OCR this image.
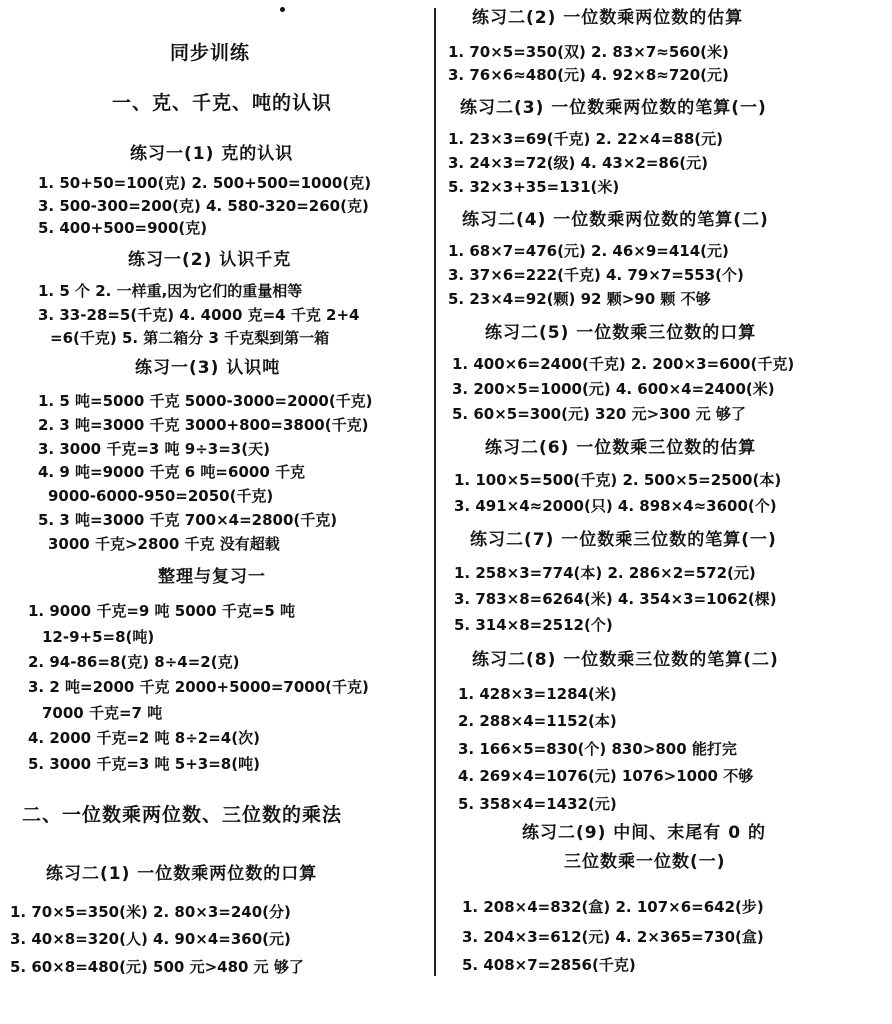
同步训练
一、克、千克、吨的认识
练习一(1) 克的认识
1. 50+50=100(克) 2. 500+500=1000(克)
3. 500-300=200(克) 4. 580-320=260(克)
5. 400+500=900(克)
练习一(2) 认识千克
1. 5 个 2. 一样重,因为它们的重量相等
3. 33-28=5(千克) 4. 4000 克=4 千克 2+4
=6(千克) 5. 第二箱分 3 千克梨到第一箱
练习一(3) 认识吨
1. 5 吨=5000 千克 5000-3000=2000(千克)
2. 3 吨=3000 千克 3000+800=3800(千克)
3. 3000 千克=3 吨 9÷3=3(天)
4. 9 吨=9000 千克 6 吨=6000 千克
9000-6000-950=2050(千克)
5. 3 吨=3000 千克 700×4=2800(千克)
3000 千克>2800 千克 没有超载
整理与复习一
1. 9000 千克=9 吨 5000 千克=5 吨
12-9+5=8(吨)
2. 94-86=8(克) 8÷4=2(克)
3. 2 吨=2000 千克 2000+5000=7000(千克)
7000 千克=7 吨
4. 2000 千克=2 吨 8÷2=4(次)
5. 3000 千克=3 吨 5+3=8(吨)
二、一位数乘两位数、三位数的乘法
练习二(1) 一位数乘两位数的口算
1. 70×5=350(米) 2. 80×3=240(分)
3. 40×8=320(人) 4. 90×4=360(元)
5. 60×8=480(元) 500 元>480 元 够了
练习二(2) 一位数乘两位数的估算
1. 70×5=350(双) 2. 83×7≈560(米)
3. 76×6≈480(元) 4. 92×8≈720(元)
练习二(3) 一位数乘两位数的笔算(一)
1. 23×3=69(千克) 2. 22×4=88(元)
3. 24×3=72(级) 4. 43×2=86(元)
5. 32×3+35=131(米)
练习二(4) 一位数乘两位数的笔算(二)
1. 68×7=476(元) 2. 46×9=414(元)
3. 37×6=222(千克) 4. 79×7=553(个)
5. 23×4=92(颗) 92 颗>90 颗 不够
练习二(5) 一位数乘三位数的口算
1. 400×6=2400(千克) 2. 200×3=600(千克)
3. 200×5=1000(元) 4. 600×4=2400(米)
5. 60×5=300(元) 320 元>300 元 够了
练习二(6) 一位数乘三位数的估算
1. 100×5=500(千克) 2. 500×5=2500(本)
3. 491×4≈2000(只) 4. 898×4≈3600(个)
练习二(7) 一位数乘三位数的笔算(一)
1. 258×3=774(本) 2. 286×2=572(元)
3. 783×8=6264(米) 4. 354×3=1062(棵)
5. 314×8=2512(个)
练习二(8) 一位数乘三位数的笔算(二)
1. 428×3=1284(米)
2. 288×4=1152(本)
3. 166×5=830(个) 830>800 能打完
4. 269×4=1076(元) 1076>1000 不够
5. 358×4=1432(元)
练习二(9) 中间、末尾有 0 的
三位数乘一位数(一)
1. 208×4=832(盒) 2. 107×6=642(步)
3. 204×3=612(元) 4. 2×365=730(盒)
5. 408×7=2856(千克)
